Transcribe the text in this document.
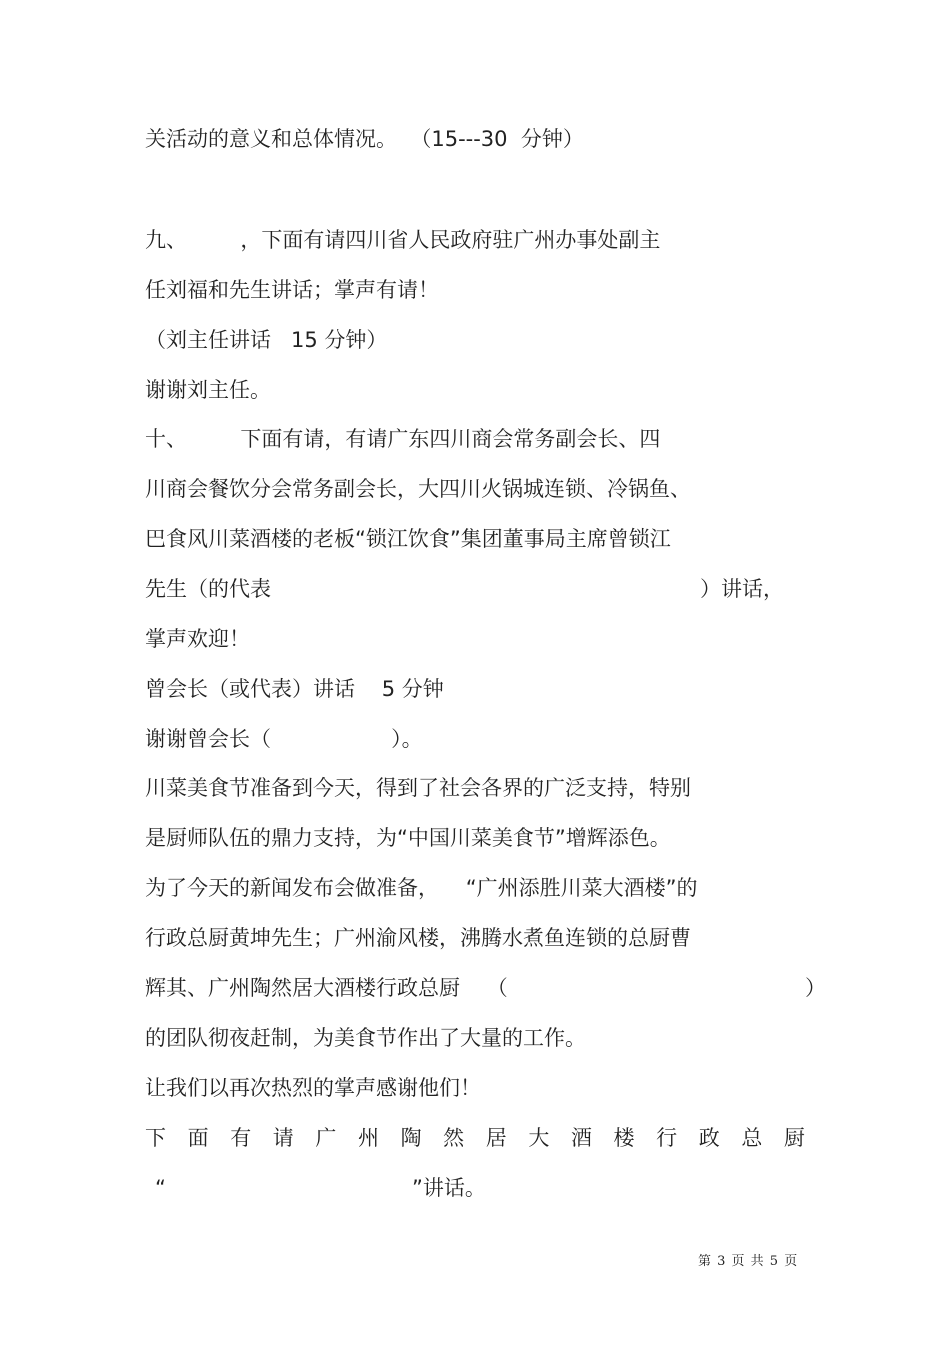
关活动的意义和总体情况。  （15---30  分钟）

九、        ，下面有请四川省人民政府驻广州办事处副主

任刘福和先生讲话；掌声有请！

（刘主任讲话   15 分钟）

谢谢刘主任。

十、        下面有请，有请广东四川商会常务副会长、四

川商会餐饮分会常务副会长，大四川火锅城连锁、冷锅鱼、

巴食风川菜酒楼的老板“锁江饮食”集团董事局主席曾锁江

先生（的代表	）讲话，

掌声欢迎！

曾会长（或代表）讲话    5 分钟

谢谢曾会长（                  ）。

川菜美食节准备到今天，得到了社会各界的广泛支持，特别

是厨师队伍的鼎力支持，为“中国川菜美食节”增辉添色。

为了今天的新闻发布会做准备，    “广州添胜川菜大酒楼”的

行政总厨黄坤先生；广州渝风楼，沸腾水煮鱼连锁的总厨曹

辉其、广州陶然居大酒楼行政总厨    （	）

的团队彻夜赶制，为美食节作出了大量的工作。

让我们以再次热烈的掌声感谢他们！

下 面 有 请 广 州 陶 然 居 大 酒 楼 行 政 总 厨

“	”讲话。

第 3 页 共 5 页
